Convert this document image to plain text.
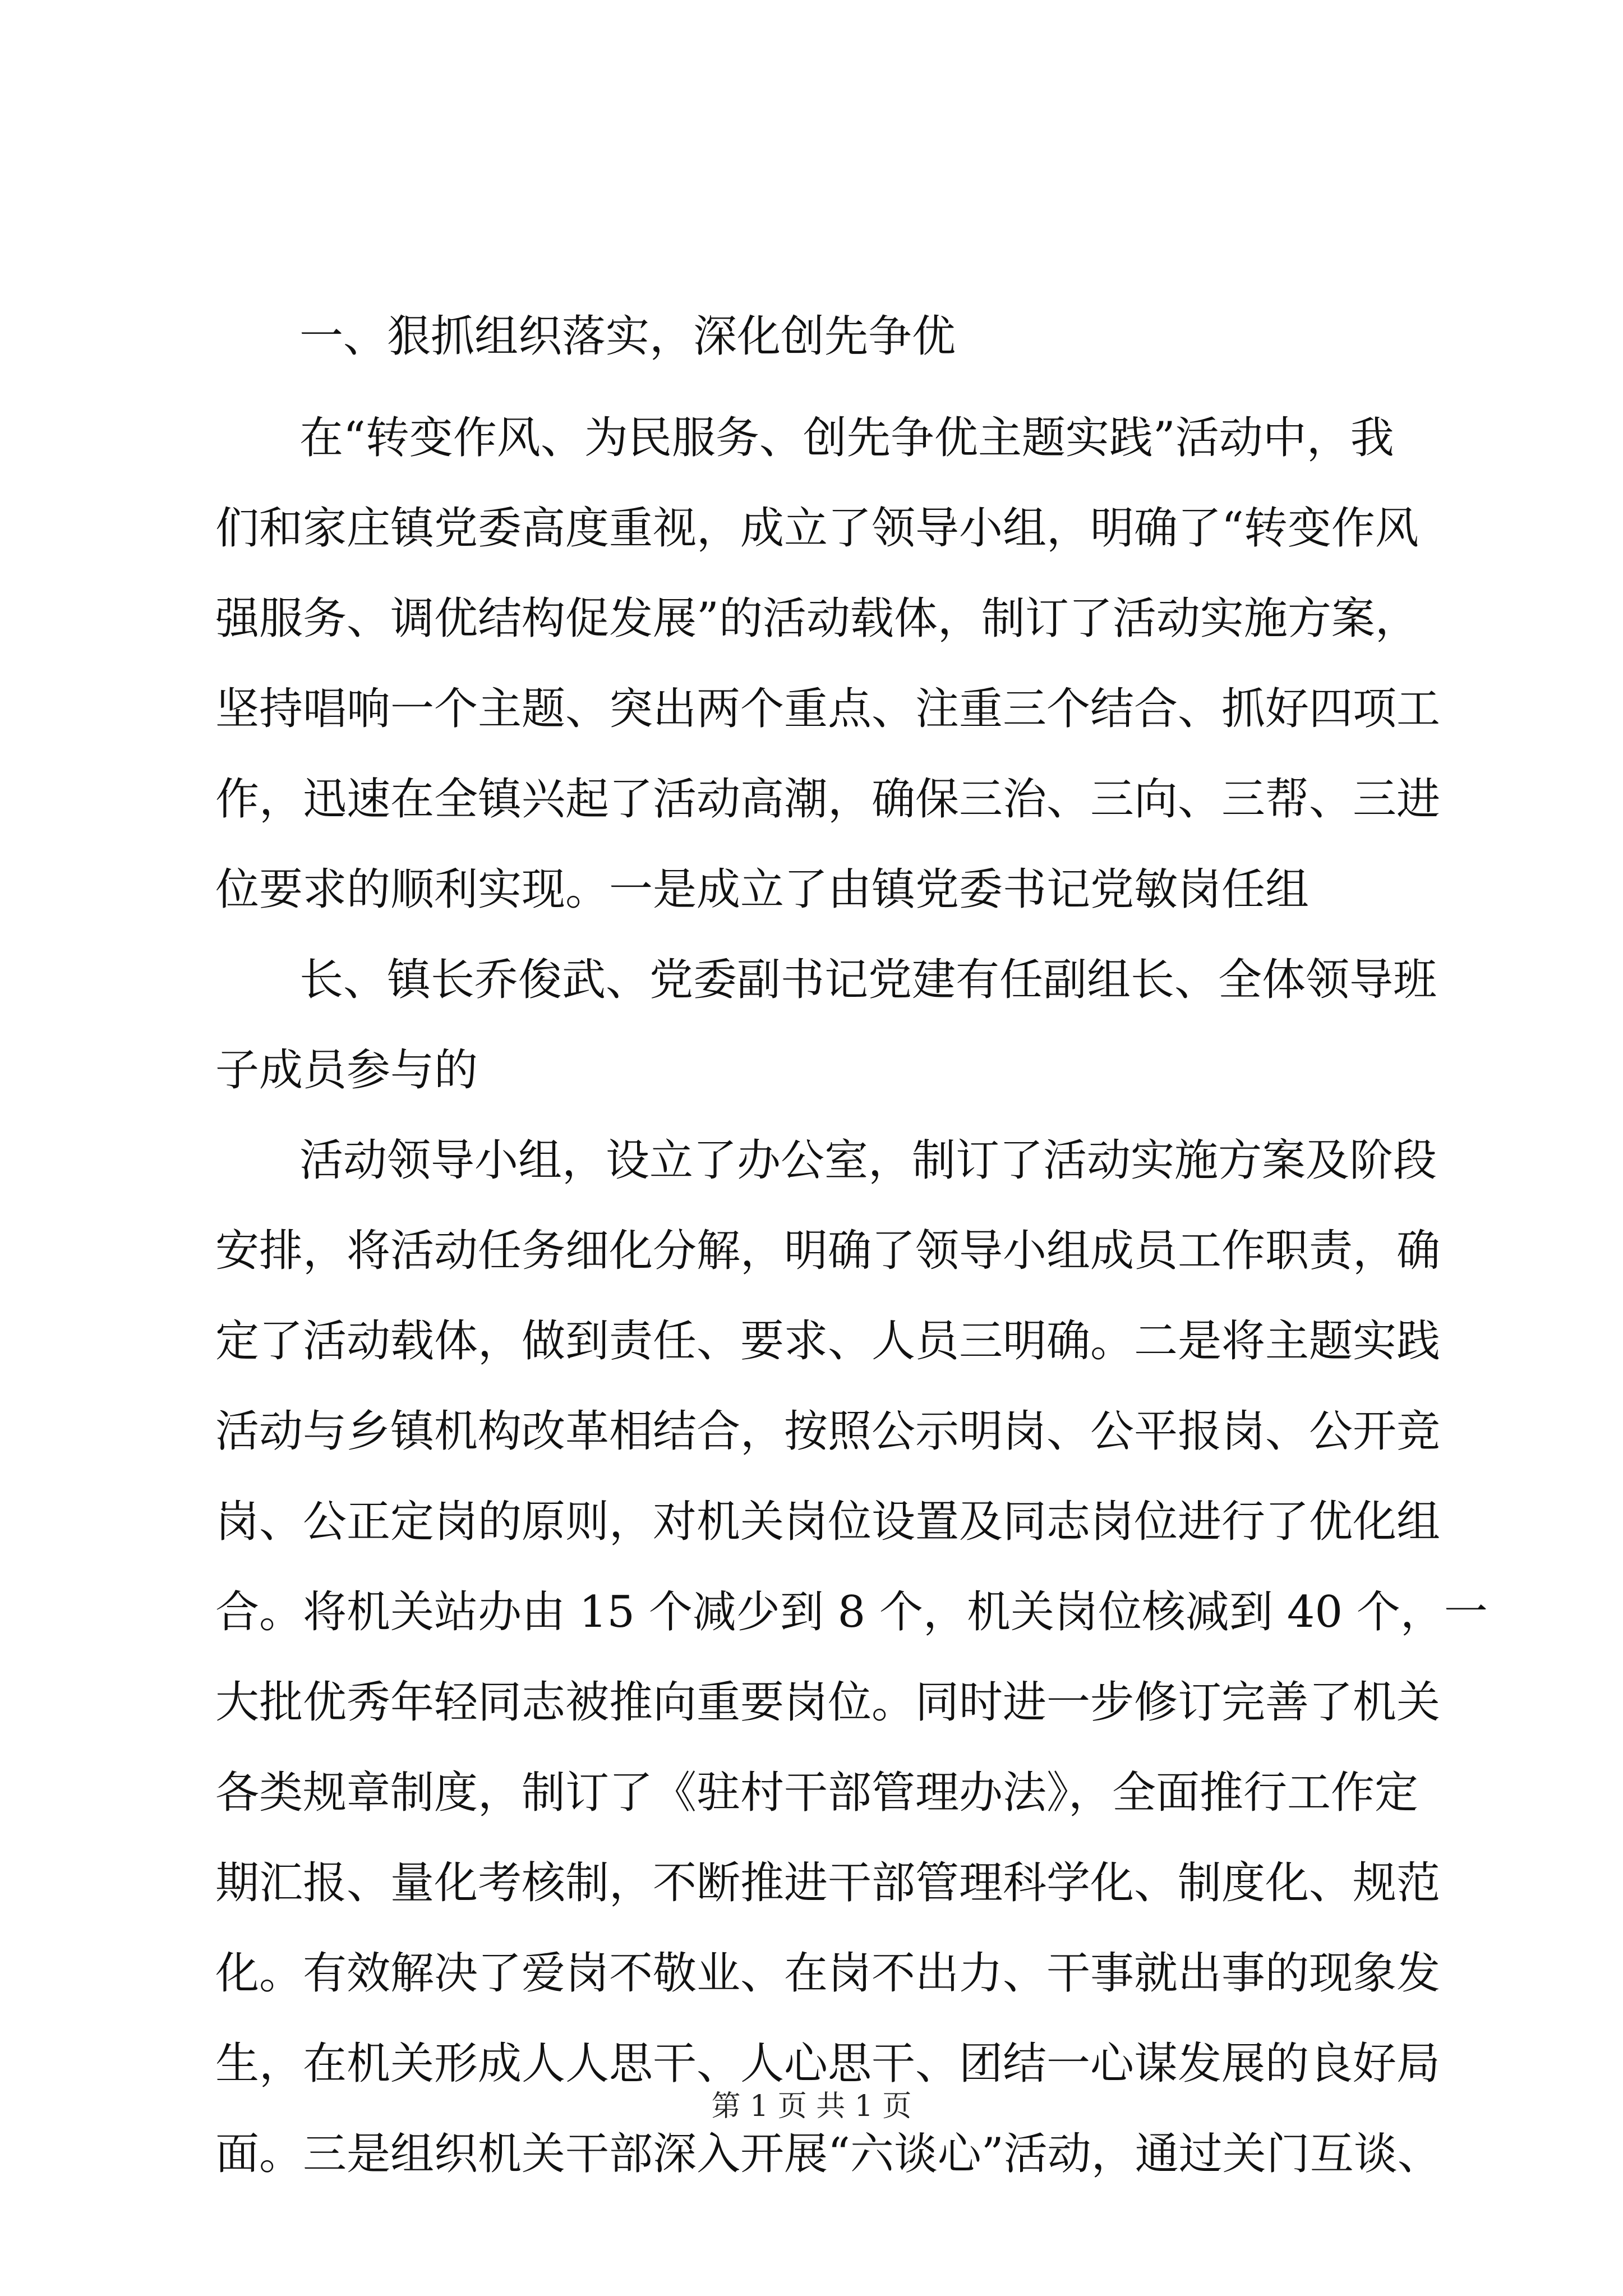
一、狠抓组织落实，深化创先争优

在“转变作风、为民服务、创先争优主题实践”活动中，我

们和家庄镇党委高度重视，成立了领导小组，明确了“转变作风

强服务、调优结构促发展”的活动载体，制订了活动实施方案，

坚持唱响一个主题、突出两个重点、注重三个结合、抓好四项工

作，迅速在全镇兴起了活动高潮，确保三治、三向、三帮、三进

位要求的顺利实现。一是成立了由镇党委书记党敏岗任组

长、镇长乔俊武、党委副书记党建有任副组长、全体领导班

子成员参与的

活动领导小组，设立了办公室，制订了活动实施方案及阶段

安排，将活动任务细化分解，明确了领导小组成员工作职责，确

定了活动载体，做到责任、要求、人员三明确。二是将主题实践

活动与乡镇机构改革相结合，按照公示明岗、公平报岗、公开竞

岗、公正定岗的原则，对机关岗位设置及同志岗位进行了优化组

合。将机关站办由 15 个减少到 8 个，机关岗位核减到 40 个，一

大批优秀年轻同志被推向重要岗位。同时进一步修订完善了机关

各类规章制度，制订了《驻村干部管理办法》，全面推行工作定

期汇报、量化考核制，不断推进干部管理科学化、制度化、规范

化。有效解决了爱岗不敬业、在岗不出力、干事就出事的现象发

生，在机关形成人人思干、人心思干、团结一心谋发展的良好局

面。三是组织机关干部深入开展“六谈心”活动，通过关门互谈、

第 1 页 共 1 页
